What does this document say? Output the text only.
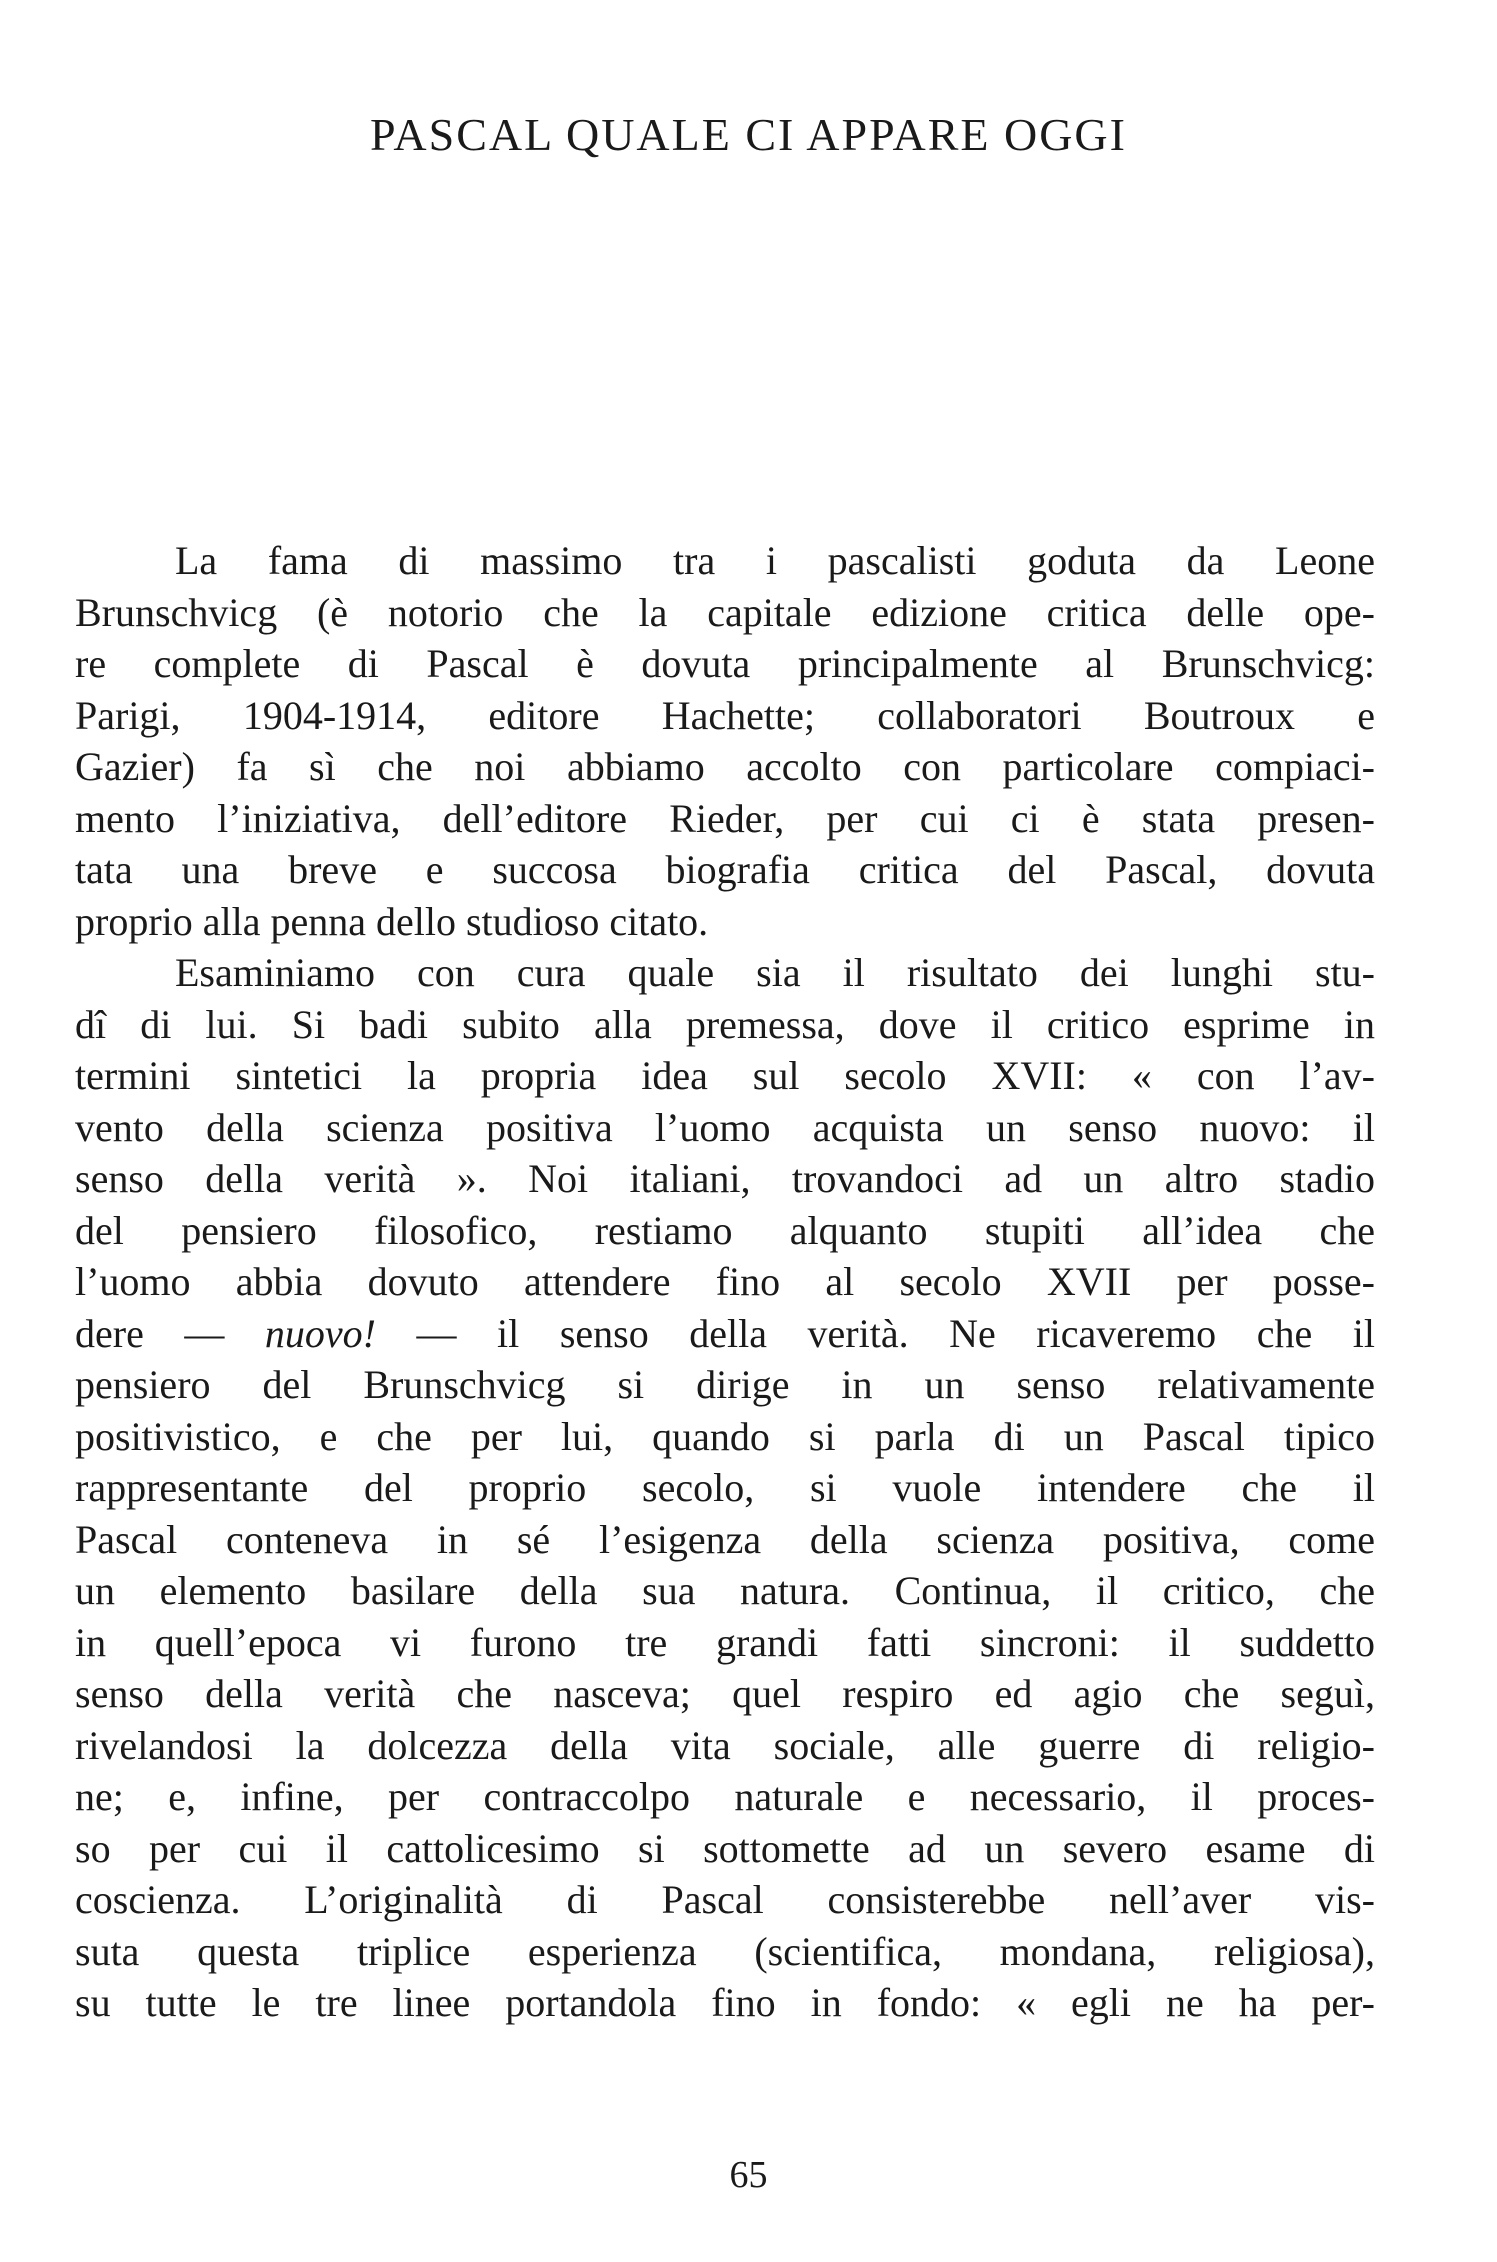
PASCAL QUALE CI APPARE OGGI
La fama di massimo tra i pascalisti goduta da Leone
Brunschvicg (è notorio che la capitale edizione critica delle ope-
re complete di Pascal è dovuta principalmente al Brunschvicg:
Parigi, 1904-1914, editore Hachette; collaboratori Boutroux e
Gazier) fa sì che noi abbiamo accolto con particolare compiaci-
mento l’iniziativa, dell’editore Rieder, per cui ci è stata presen-
tata una breve e succosa biografia critica del Pascal, dovuta
proprio alla penna dello studioso citato.
Esaminiamo con cura quale sia il risultato dei lunghi stu-
dî di lui. Si badi subito alla premessa, dove il critico esprime in
termini sintetici la propria idea sul secolo XVII: « con l’av-
vento della scienza positiva l’uomo acquista un senso nuovo: il
senso della verità ». Noi italiani, trovandoci ad un altro stadio
del pensiero filosofico, restiamo alquanto stupiti all’idea che
l’uomo abbia dovuto attendere fino al secolo XVII per posse-
dere — nuovo! — il senso della verità. Ne ricaveremo che il
pensiero del Brunschvicg si dirige in un senso relativamente
positivistico, e che per lui, quando si parla di un Pascal tipico
rappresentante del proprio secolo, si vuole intendere che il
Pascal conteneva in sé l’esigenza della scienza positiva, come
un elemento basilare della sua natura. Continua, il critico, che
in quell’epoca vi furono tre grandi fatti sincroni: il suddetto
senso della verità che nasceva; quel respiro ed agio che seguì,
rivelandosi la dolcezza della vita sociale, alle guerre di religio-
ne; e, infine, per contraccolpo naturale e necessario, il proces-
so per cui il cattolicesimo si sottomette ad un severo esame di
coscienza. L’originalità di Pascal consisterebbe nell’aver vis-
suta questa triplice esperienza (scientifica, mondana, religiosa),
su tutte le tre linee portandola fino in fondo: « egli ne ha per-
65
